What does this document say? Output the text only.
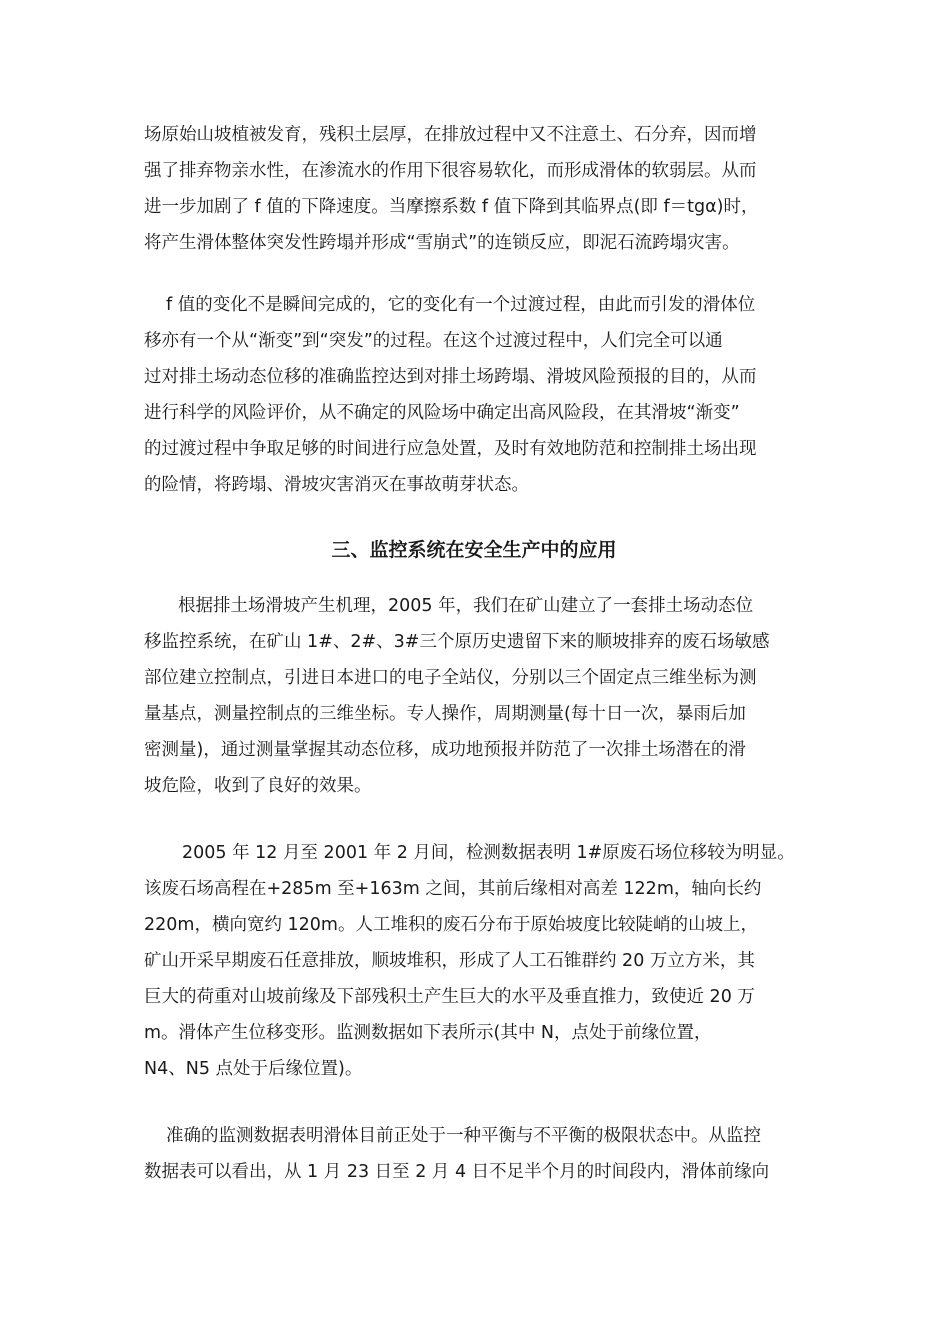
场原始山坡植被发育，残积土层厚，在排放过程中又不注意土、石分弃，因而增
强了排弃物亲水性，在渗流水的作用下很容易软化，而形成滑体的软弱层。从而
进一步加剧了 f 值的下降速度。当摩擦系数 f 值下降到其临界点(即 f＝tgα)时，
将产生滑体整体突发性跨塌并形成“雪崩式”的连锁反应，即泥石流跨塌灾害。
f 值的变化不是瞬间完成的，它的变化有一个过渡过程，由此而引发的滑体位
移亦有一个从“渐变”到“突发”的过程。在这个过渡过程中，人们完全可以通
过对排土场动态位移的准确监控达到对排土场跨塌、滑坡风险预报的目的，从而
进行科学的风险评价，从不确定的风险场中确定出高风险段，在其滑坡“渐变”
的过渡过程中争取足够的时间进行应急处置，及时有效地防范和控制排土场出现
的险情，将跨塌、滑坡灾害消灭在事故萌芽状态。
三、监控系统在安全生产中的应用
根据排土场滑坡产生机理，2005 年，我们在矿山建立了一套排土场动态位
移监控系统，在矿山 1#、2#、3#三个原历史遗留下来的顺坡排弃的废石场敏感
部位建立控制点，引进日本进口的电子全站仪，分别以三个固定点三维坐标为测
量基点，测量控制点的三维坐标。专人操作，周期测量(每十日一次，暴雨后加
密测量)，通过测量掌握其动态位移，成功地预报并防范了一次排土场潜在的滑
坡危险，收到了良好的效果。
2005 年 12 月至 2001 年 2 月间，检测数据表明 1#原废石场位移较为明显。
该废石场高程在+285m 至+163m 之间，其前后缘相对高差 122m，轴向长约
220m，横向宽约 120m。人工堆积的废石分布于原始坡度比较陡峭的山坡上，
矿山开采早期废石任意排放，顺坡堆积，形成了人工石锥群约 20 万立方米，其
巨大的荷重对山坡前缘及下部残积土产生巨大的水平及垂直推力，致使近 20 万
m。滑体产生位移变形。监测数据如下表所示(其中 N，点处于前缘位置，
N4、N5 点处于后缘位置)。
准确的监测数据表明滑体目前正处于一种平衡与不平衡的极限状态中。从监控
数据表可以看出，从 1 月 23 日至 2 月 4 日不足半个月的时间段内，滑体前缘向
